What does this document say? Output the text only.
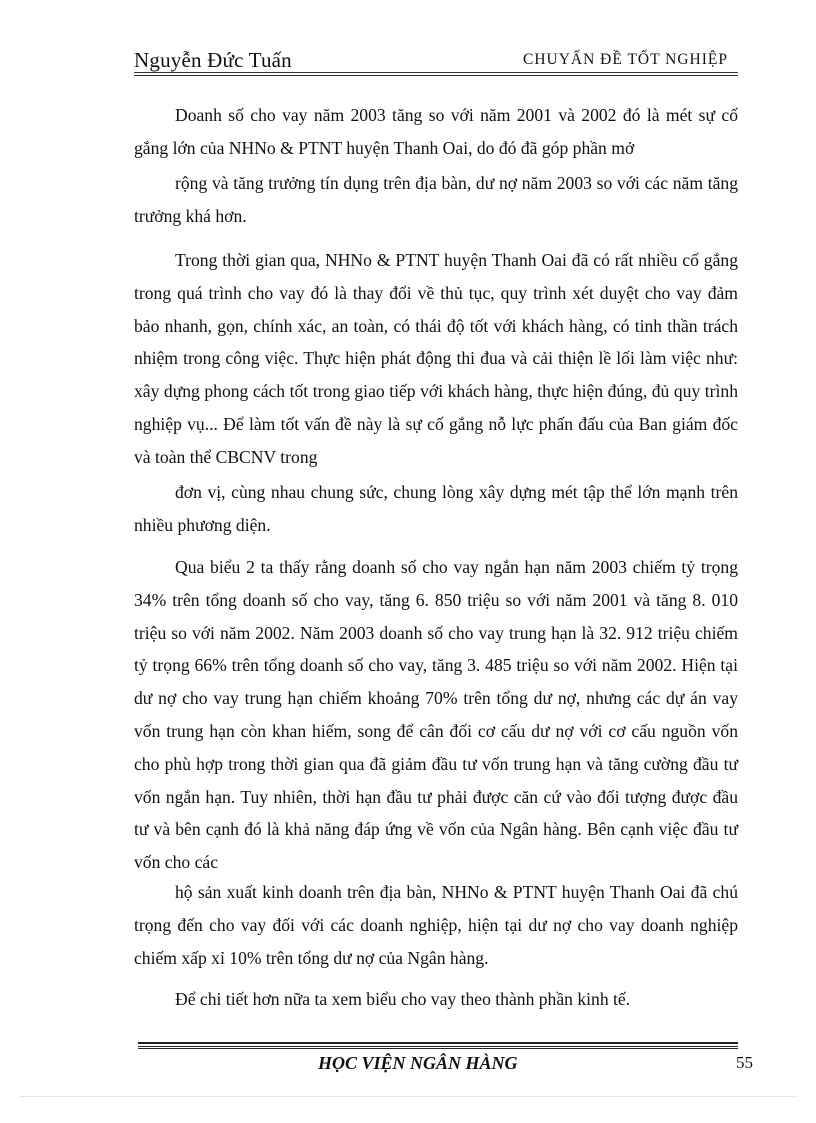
Nguyễn Đức Tuấn	CHUYẤN ĐỀ TỐT NGHIỆP

Doanh số cho vay năm 2003 tăng so với năm 2001 và 2002 đó là mét sự cố gắng lớn của NHNo & PTNT huyện Thanh Oai, do đó đã góp phần mở

rộng và tăng trưởng tín dụng trên địa bàn, dư nợ năm 2003 so với các năm tăng trưởng khá hơn.

Trong thời gian qua, NHNo & PTNT huyện Thanh Oai đã có rất nhiều cố gắng trong quá trình cho vay đó là thay đổi về thủ tục, quy trình xét duyệt cho vay đảm bảo nhanh, gọn, chính xác, an toàn, có thái độ tốt với khách hàng, có tinh thần trách nhiệm trong công việc. Thực hiện phát động thi đua và cải thiện lề lối làm việc như: xây dựng phong cách tốt trong giao tiếp với khách hàng, thực hiện đúng, đủ quy trình nghiệp vụ... Để làm tốt vấn đề này là sự cố gắng nỗ lực phấn đấu của Ban giám đốc và toàn thể CBCNV trong

đơn vị, cùng nhau chung sức, chung lòng xây dựng mét tập thể lớn mạnh trên nhiều phương diện.

Qua biểu 2 ta thấy rằng doanh số cho vay ngắn hạn năm 2003 chiếm tỷ trọng 34% trên tổng doanh số cho vay, tăng 6. 850 triệu so với năm 2001 và tăng 8. 010 triệu so với năm 2002. Năm 2003 doanh số cho vay trung hạn là 32. 912 triệu chiếm tỷ trọng 66% trên tổng doanh số cho vay, tăng 3. 485 triệu so với năm 2002. Hiện tại dư nợ cho vay trung hạn chiếm khoảng 70% trên tổng dư nợ, nhưng các dự án vay vốn trung hạn còn khan hiếm, song để cân đối cơ cấu dư nợ với cơ cấu nguồn vốn cho phù hợp trong thời gian qua đã giảm đầu tư vốn trung hạn và tăng cường đầu tư vốn ngắn hạn. Tuy nhiên, thời hạn đầu tư phải được căn cứ vào đối tượng được đầu tư và bên cạnh đó là khả năng đáp ứng về vốn của Ngân hàng. Bên cạnh việc đầu tư vốn cho các

hộ sản xuất kinh doanh trên địa bàn, NHNo & PTNT huyện Thanh Oai đã chú trọng đến cho vay đối với các doanh nghiệp, hiện tại dư nợ cho vay doanh nghiệp chiếm xấp xỉ 10% trên tổng dư nợ của Ngân hàng.

Để chi tiết hơn nữa ta xem biểu cho vay theo thành phần kinh tế.

HỌC VIỆN NGÂN HÀNG	55
